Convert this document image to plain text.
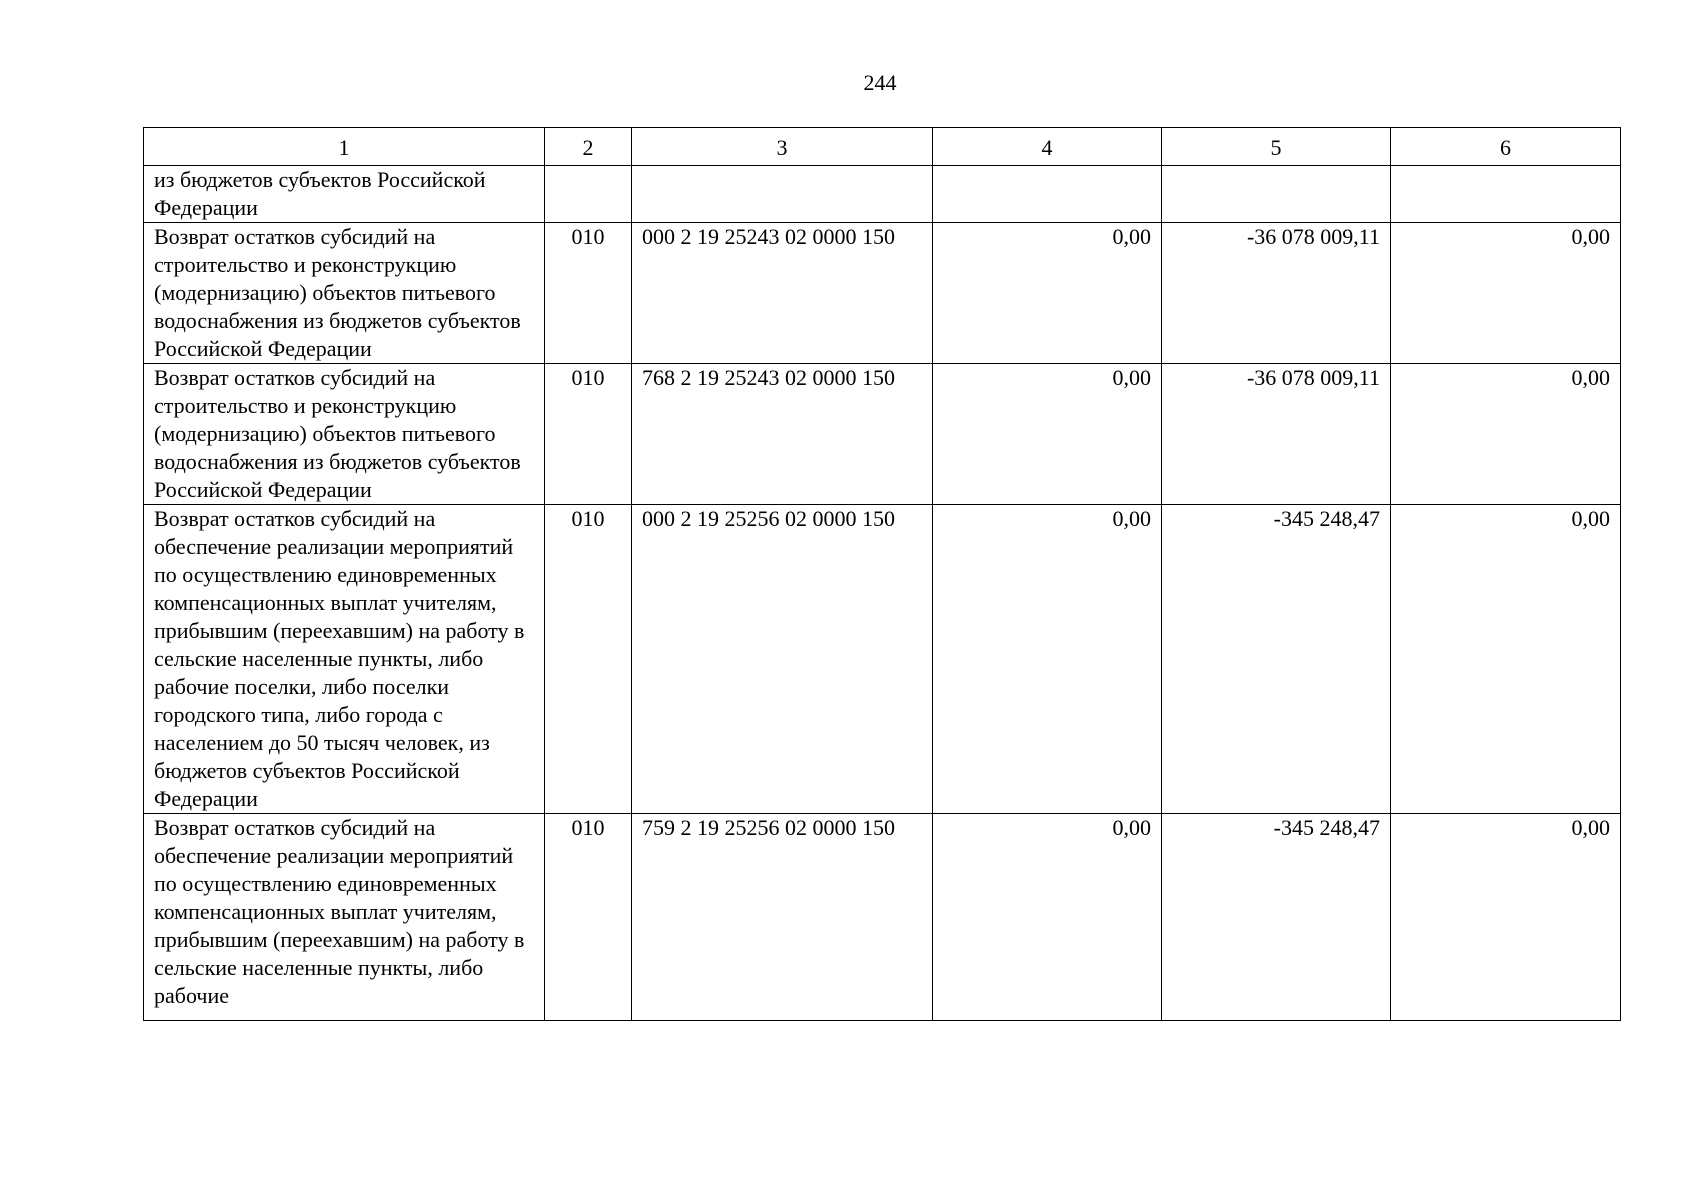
244
1	2	3	4	5	6
из бюджетов субъектов Российской Федерации					
Возврат остатков субсидий на строительство и реконструкцию (модернизацию) объектов питьевого водоснабжения из бюджетов субъектов Российской Федерации	010	000 2 19 25243 02 0000 150	0,00	-36 078 009,11	0,00
Возврат остатков субсидий на строительство и реконструкцию (модернизацию) объектов питьевого водоснабжения из бюджетов субъектов Российской Федерации	010	768 2 19 25243 02 0000 150	0,00	-36 078 009,11	0,00
Возврат остатков субсидий на обеспечение реализации мероприятий по осуществлению единовременных компенсационных выплат учителям, прибывшим (переехавшим) на работу в сельские населенные пункты, либо рабочие поселки, либо поселки городского типа, либо города с населением до 50 тысяч человек, из бюджетов субъектов Российской Федерации	010	000 2 19 25256 02 0000 150	0,00	-345 248,47	0,00
Возврат остатков субсидий на обеспечение реализации мероприятий по осуществлению единовременных компенсационных выплат учителям, прибывшим (переехавшим) на работу в сельские населенные пункты, либо рабочие	010	759 2 19 25256 02 0000 150	0,00	-345 248,47	0,00
